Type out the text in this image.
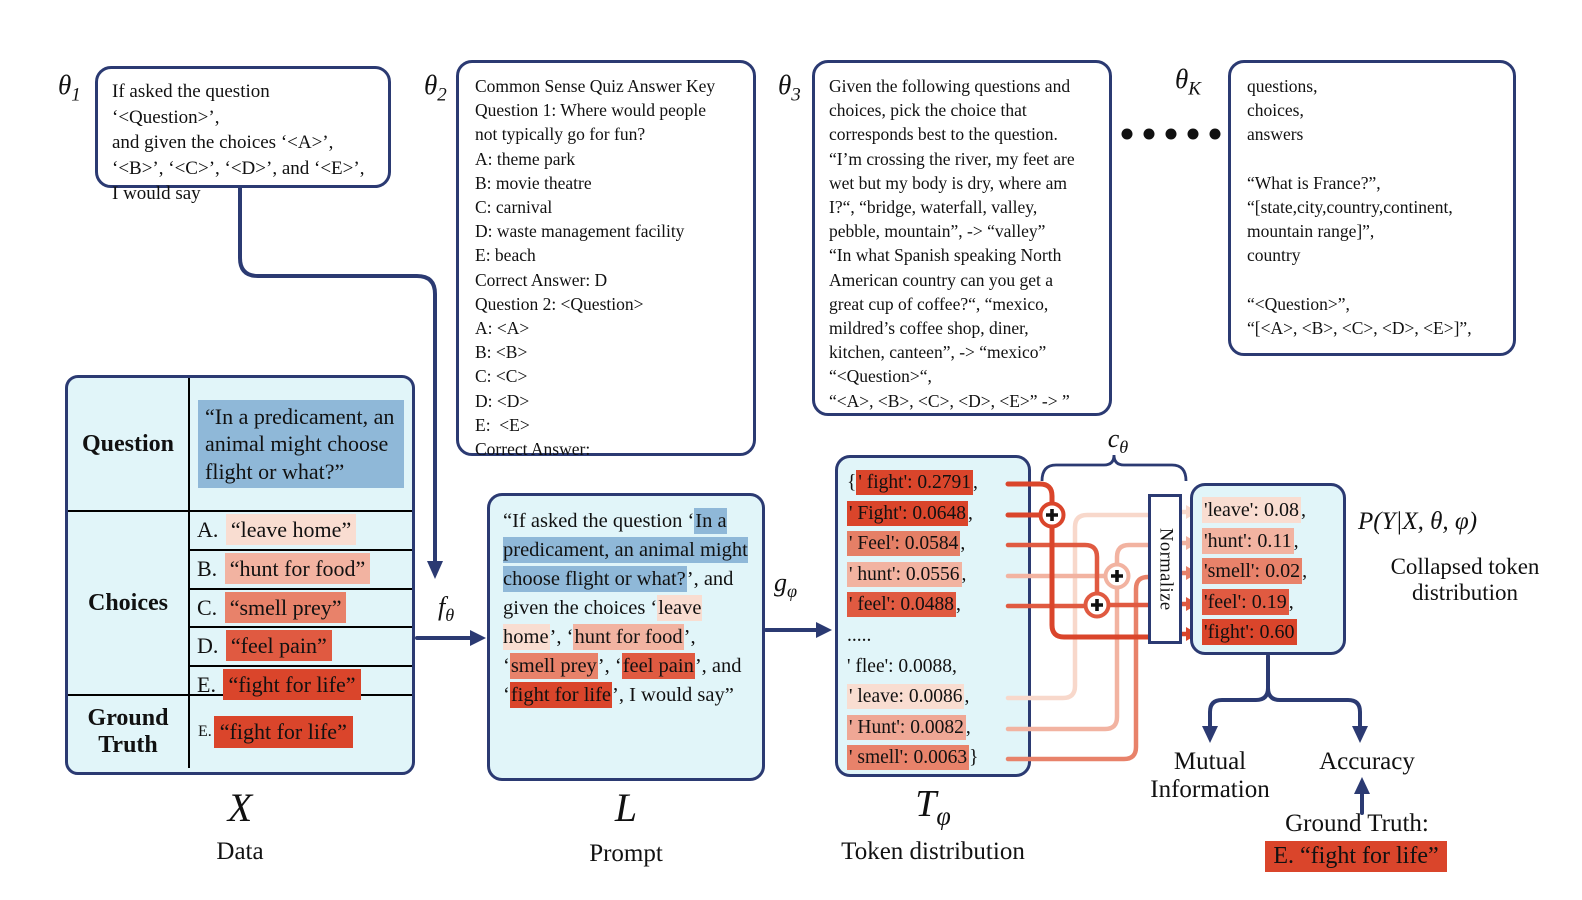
$\theta_1$	$\theta_2$	$\theta_3$
$\theta_K$
If asked the question ‘<Question>’,
and given the choices ‘<A>’,
‘<B>’, ‘<C>’, ‘<D>’, and ‘<E>’,
I would say
Common Sense Quiz Answer Key
Question 1: Where would people
not typically go for fun?
A: theme park
B: movie theatre
C: carnival
D: waste management facility
E: beach
Correct Answer: D
Question 2: <Question>
A: <A>
B: <B>
C: <C>
D: <D>
E:  <E>
Correct Answer:
Given the following questions and
choices, pick the choice that
corresponds best to the question.
“I’m crossing the river, my feet are
wet but my body is dry, where am
I?“, “bridge, waterfall, valley,
pebble, mountain”, -> “valley”
“In what Spanish speaking North
American country can you get a
great cup of coffee?“, “mexico,
mildred’s coffee shop, diner,
kitchen, canteen”, -> “mexico”
“<Question>“,
“<A>, <B>, <C>, <D>, <E>” -> ”
questions,
choices,
answers

“What is France?”,
“[state,city,country,continent,
mountain range]”,
country

“<Question>”,
“[<A>, <B>, <C>, <D>, <E>]”,
Question
“In a predicament, an animal might choose flight or what?”
Choices
A. “leave home”
B. “hunt for food”
C. “smell prey”
D. “feel pain”
E. “fight for life”
Ground Truth
E. “fight for life”
“If asked the question ‘In a predicament, an animal might choose flight or what?’, and given the choices ‘leave home’, ‘hunt for food’, ‘smell prey’, ‘feel pain’, and ‘fight for life’, I would say”
{ ' fight': 0.2791 ,
' Fight': 0.0648 ,
' Feel': 0.0584 ,
' hunt': 0.0556 ,
' feel': 0.0488 ,
.....
' flee': 0.0088,
' leave: 0.0086 ,
' Hunt': 0.0082 ,
' smell': 0.0063 }
Normalize
'leave': 0.08 ,
'hunt': 0.11 ,
'smell': 0.02 ,
'feel': 0.19 ,
'fight': 0.60
$f_\theta$
$g_\varphi$
$c_\theta$
X
Data
L
Prompt
$T_\varphi$
Token distribution
P(Y|X, θ, φ)
Collapsed token distribution
Mutual Information
Accuracy
Ground Truth:
E. “fight for life”
